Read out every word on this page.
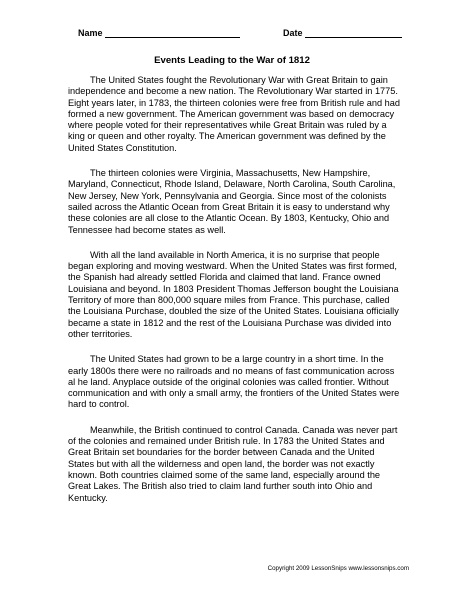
Name	Date
Events Leading to the War of 1812

The United States fought the Revolutionary War with Great Britain to gain independence and become a new nation. The Revolutionary War started in 1775. Eight years later, in 1783, the thirteen colonies were free from British rule and had formed a new government. The American government was based on democracy where people voted for their representatives while Great Britain was ruled by a king or queen and other royalty. The American government was defined by the United States Constitution.

The thirteen colonies were Virginia, Massachusetts, New Hampshire, Maryland, Connecticut, Rhode Island, Delaware, North Carolina, South Carolina, New Jersey, New York, Pennsylvania and Georgia. Since most of the colonists sailed across the Atlantic Ocean from Great Britain it is easy to understand why these colonies are all close to the Atlantic Ocean. By 1803, Kentucky, Ohio and Tennessee had become states as well.

With all the land available in North America, it is no surprise that people began exploring and moving westward. When the United States was first formed, the Spanish had already settled Florida and claimed that land. France owned Louisiana and beyond. In 1803 President Thomas Jefferson bought the Louisiana Territory of more than 800,000 square miles from France. This purchase, called the Louisiana Purchase, doubled the size of the United States. Louisiana officially became a state in 1812 and the rest of the Louisiana Purchase was divided into other territories.

The United States had grown to be a large country in a short time. In the early 1800s there were no railroads and no means of fast communication across al he land. Anyplace outside of the original colonies was called frontier. Without communication and with only a small army, the frontiers of the United States were hard to control.

Meanwhile, the British continued to control Canada. Canada was never part of the colonies and remained under British rule. In 1783 the United States and Great Britain set boundaries for the border between Canada and the United States but with all the wilderness and open land, the border was not exactly known. Both countries claimed some of the same land, especially around the Great Lakes. The British also tried to claim land further south into Ohio and Kentucky.

Copyright 2009 LessonSnips www.lessonsnips.com
